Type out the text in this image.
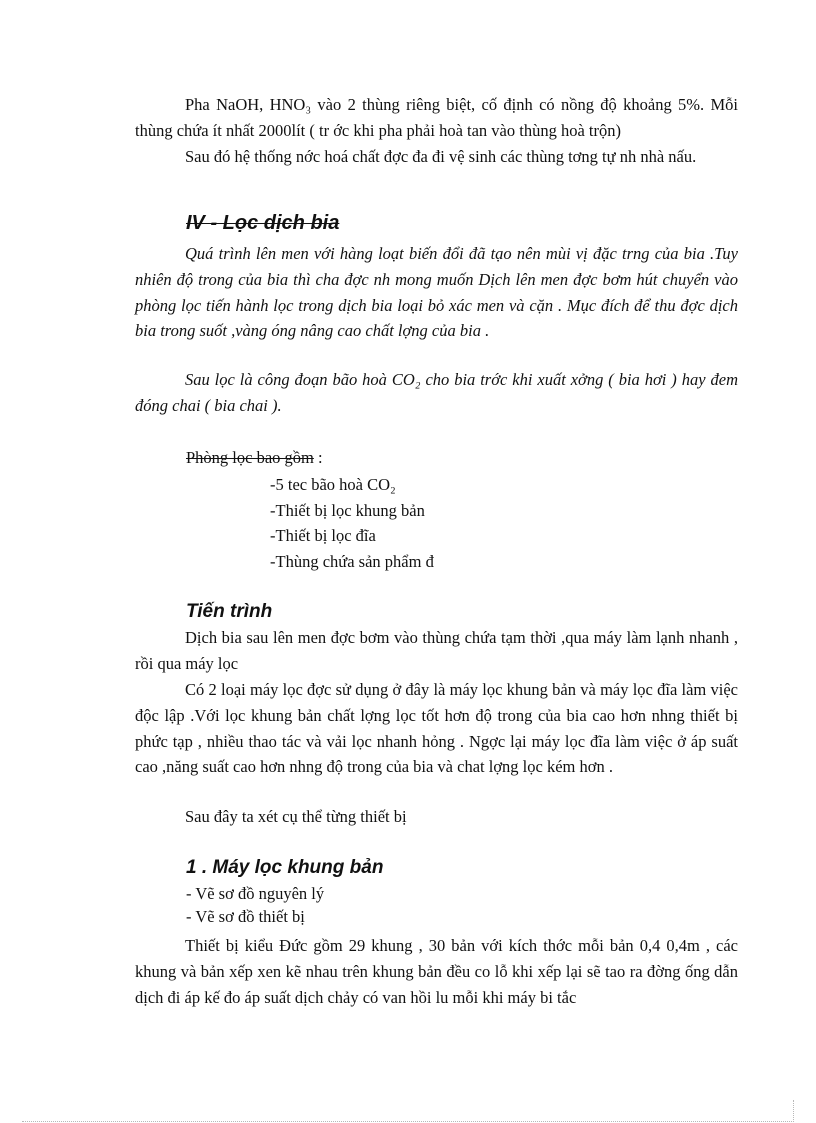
Pha NaOH, HNO₃ vào 2 thùng riêng biệt, cố định có nồng độ khoảng 5%. Mỗi thùng chứa ít nhất 2000lít ( tr ớc khi pha phải hoà tan vào thùng hoà trộn)

Sau đó hệ thống nớc hoá chất đợc đa đi vệ sinh các thùng tơng tự nh nhà nấu.

IV - Lọc dịch bia

Quá trình lên men với hàng loạt biến đổi đã tạo nên mùi vị đặc trng của bia .Tuy nhiên độ trong của bia thì cha đợc nh mong muốn Dịch lên men đợc bơm hút chuyển vào phòng lọc tiến hành lọc trong dịch bia loại bỏ xác men và cặn . Mục đích để thu đợc dịch bia trong suốt ,vàng óng nâng cao chất lợng của bia .

Sau lọc là công đoạn bão hoà CO₂ cho bia trớc khi xuất xởng ( bia hơi ) hay đem đóng chai ( bia chai ).

Phòng lọc bao gồm :

-5 tec bão hoà CO₂
-Thiết bị lọc khung bản
-Thiết bị lọc đĩa
-Thùng chứa sản phẩm đ
Tiến trình

Dịch bia sau lên men đợc bơm vào thùng chứa tạm thời ,qua máy làm lạnh nhanh , rồi qua máy lọc

Có 2 loại máy lọc đợc sử dụng ở đây là máy lọc khung bản và máy lọc đĩa làm việc độc lập .Với lọc khung bản chất lợng lọc tốt hơn độ trong của bia cao hơn nhng thiết bị phức tạp , nhiều thao tác và vải lọc nhanh hỏng . Ngợc lại máy lọc đĩa làm việc ở áp suất cao ,năng suất cao hơn nhng độ trong của bia và chat lợng lọc kém hơn .

Sau đây ta xét cụ thể từng thiết bị

1 . Máy lọc khung bản
- Vẽ sơ đồ nguyên lý
- Vẽ sơ đồ thiết bị

Thiết bị kiểu Đức gồm 29 khung , 30 bản với kích thớc mỗi bản 0,4 0,4m , các khung và bản xếp xen kẽ nhau trên khung bản đều co lỗ khi xếp lại sẽ tao ra đờng ống dẫn dịch đi áp kế đo áp suất dịch chảy có van hồi lu mỗi khi máy bi tắc
